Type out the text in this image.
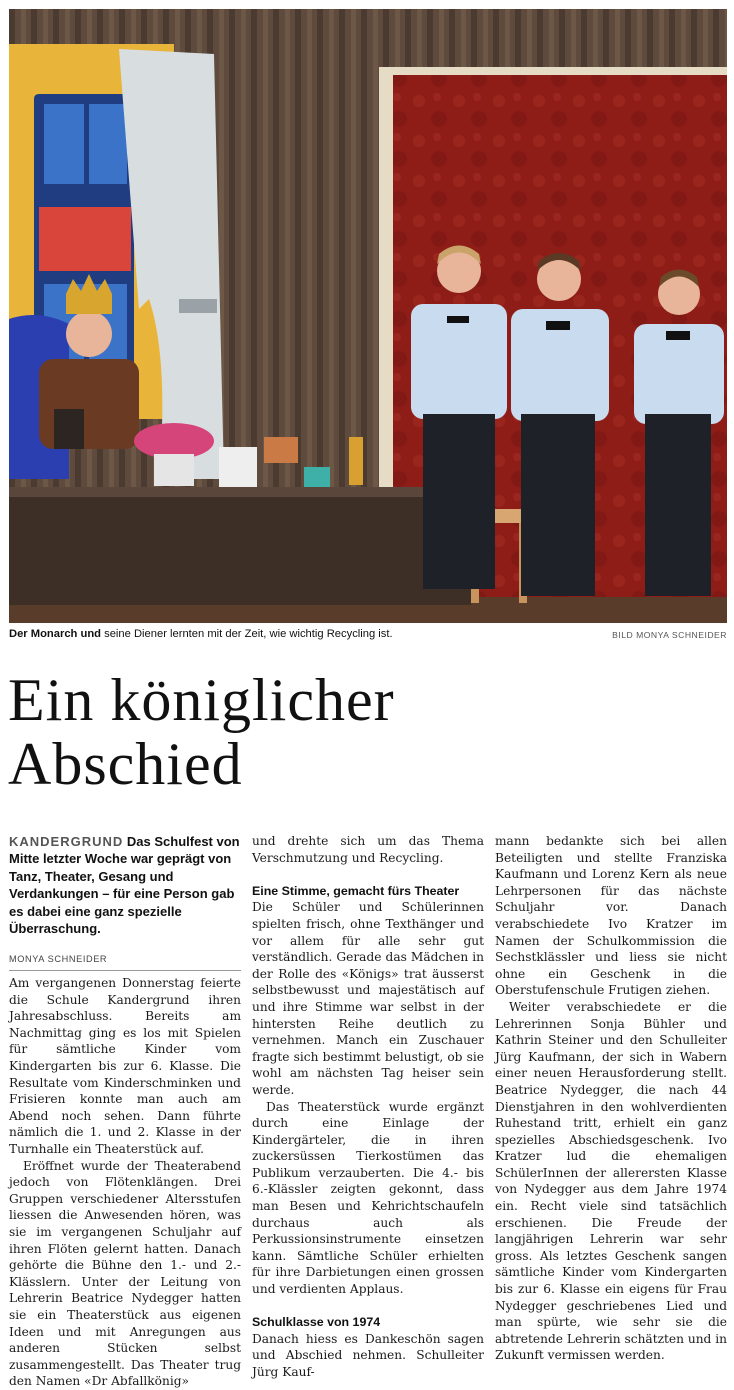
Der Monarch und seine Diener lernten mit der Zeit, wie wichtig Recycling ist.	BILD MONYA SCHNEIDER
Ein königlicher
Abschied

KANDERGRUND Das Schulfest von Mitte letzter Woche war geprägt von Tanz, Theater, Gesang und Verdankungen – für eine Person gab es dabei eine ganz spezielle Überraschung.

MONYA SCHNEIDER

Am vergangenen Donnerstag feierte die Schule Kandergrund ihren Jahresabschluss. Bereits am Nachmittag ging es los mit Spielen für sämtliche Kinder vom Kindergarten bis zur 6. Klasse. Die Resultate vom Kinderschminken und Frisieren konnte man auch am Abend noch sehen. Dann führte nämlich die 1. und 2. Klasse in der Turnhalle ein Theaterstück auf.

Eröffnet wurde der Theaterabend jedoch von Flötenklängen. Drei Gruppen verschiedener Altersstufen liessen die Anwesenden hören, was sie im vergangenen Schuljahr auf ihren Flöten gelernt hatten. Danach gehörte die Bühne den 1.- und 2.-Klässlern. Unter der Leitung von Lehrerin Beatrice Nydegger hatten sie ein Theaterstück aus eigenen Ideen und mit Anregungen aus anderen Stücken selbst zusammengestellt. Das Theater trug den Namen «Dr Abfallkönig»

und drehte sich um das Thema Verschmutzung und Recycling.

Eine Stimme, gemacht fürs Theater

Die Schüler und Schülerinnen spielten frisch, ohne Texthänger und vor allem für alle sehr gut verständlich. Gerade das Mädchen in der Rolle des «Königs» trat äusserst selbstbewusst und majestätisch auf und ihre Stimme war selbst in der hintersten Reihe deutlich zu vernehmen. Manch ein Zuschauer fragte sich bestimmt belustigt, ob sie wohl am nächsten Tag heiser sein werde.

Das Theaterstück wurde ergänzt durch eine Einlage der Kindergärteler, die in ihren zuckersüssen Tierkostümen das Publikum verzauberten. Die 4.- bis 6.-Klässler zeigten gekonnt, dass man Besen und Kehrichtschaufeln durchaus auch als Perkussionsinstrumente einsetzen kann. Sämtliche Schüler erhielten für ihre Darbietungen einen grossen und verdienten Applaus.

Schulklasse von 1974

Danach hiess es Dankeschön sagen und Abschied nehmen. Schulleiter Jürg Kauf-

mann bedankte sich bei allen Beteiligten und stellte Franziska Kaufmann und Lorenz Kern als neue Lehrpersonen für das nächste Schuljahr vor. Danach verabschiedete Ivo Kratzer im Namen der Schulkommission die Sechstklässler und liess sie nicht ohne ein Geschenk in die Oberstufenschule Frutigen ziehen.

Weiter verabschiedete er die Lehrerinnen Sonja Bühler und Kathrin Steiner und den Schulleiter Jürg Kaufmann, der sich in Wabern einer neuen Herausforderung stellt. Beatrice Nydegger, die nach 44 Dienstjahren in den wohlverdienten Ruhestand tritt, erhielt ein ganz spezielles Abschiedsgeschenk. Ivo Kratzer lud die ehemaligen SchülerInnen der allerersten Klasse von Nydegger aus dem Jahre 1974 ein. Recht viele sind tatsächlich erschienen. Die Freude der langjährigen Lehrerin war sehr gross. Als letztes Geschenk sangen sämtliche Kinder vom Kindergarten bis zur 6. Klasse ein eigens für Frau Nydegger geschriebenes Lied und man spürte, wie sehr sie die abtretende Lehrerin schätzten und in Zukunft vermissen werden.
